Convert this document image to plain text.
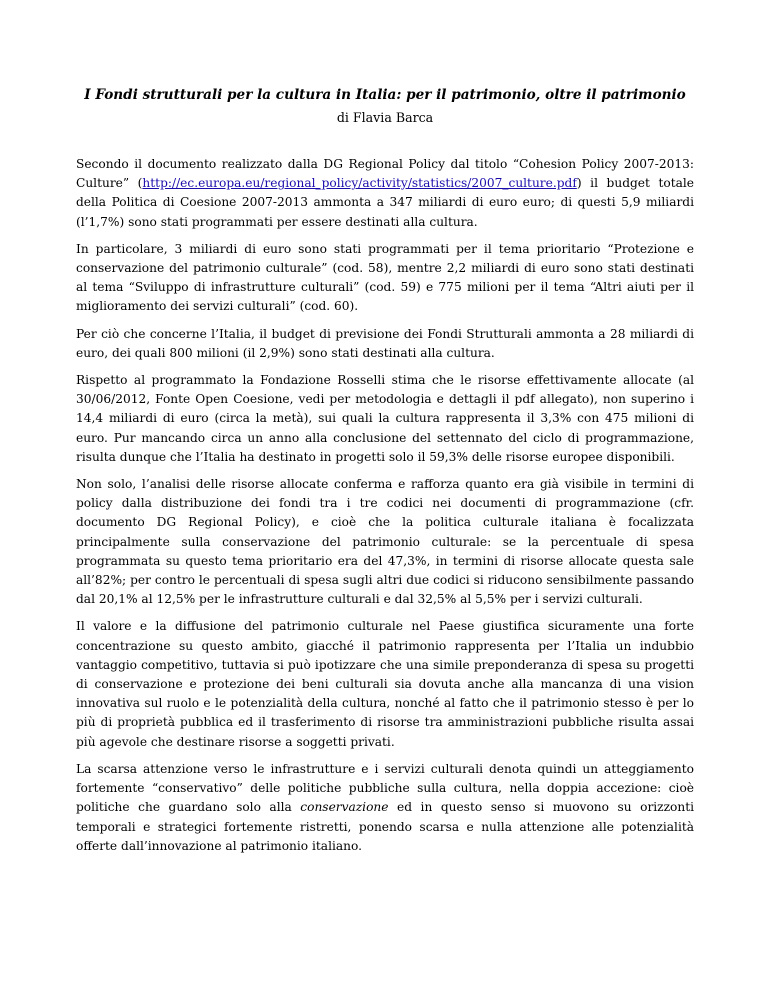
I Fondi strutturali per la cultura in Italia: per il patrimonio, oltre il patrimonio

di Flavia Barca

Secondo il documento realizzato dalla DG Regional Policy dal titolo “Cohesion Policy 2007-2013: Culture” (http://ec.europa.eu/regional_policy/activity/statistics/2007_culture.pdf) il budget totale della Politica di Coesione 2007-2013 ammonta a 347 miliardi di euro euro; di questi 5,9 miliardi (l’1,7%) sono stati programmati per essere destinati alla cultura.

In particolare, 3 miliardi di euro sono stati programmati per il tema prioritario “Protezione e conservazione del patrimonio culturale” (cod. 58), mentre 2,2 miliardi di euro sono stati destinati al tema “Sviluppo di infrastrutture culturali” (cod. 59) e 775 milioni per il tema “Altri aiuti per il miglioramento dei servizi culturali” (cod. 60).

Per ciò che concerne l’Italia, il budget di previsione dei Fondi Strutturali ammonta a 28 miliardi di euro, dei quali 800 milioni (il 2,9%) sono stati destinati alla cultura.

Rispetto al programmato la Fondazione Rosselli stima che le risorse effettivamente allocate (al 30/06/2012, Fonte Open Coesione, vedi per metodologia e dettagli il pdf allegato), non superino i 14,4 miliardi di euro (circa la metà), sui quali la cultura rappresenta il 3,3% con 475 milioni di euro. Pur mancando circa un anno alla conclusione del settennato del ciclo di programmazione, risulta dunque che l’Italia ha destinato in progetti solo il 59,3% delle risorse europee disponibili.

Non solo, l’analisi delle risorse allocate conferma e rafforza quanto era già visibile in termini di policy dalla distribuzione dei fondi tra i tre codici nei documenti di programmazione (cfr. documento DG Regional Policy), e cioè che la politica culturale italiana è focalizzata principalmente sulla conservazione del patrimonio culturale: se la percentuale di spesa programmata su questo tema prioritario era del 47,3%, in termini di risorse allocate questa sale all’82%; per contro le percentuali di spesa sugli altri due codici si riducono sensibilmente passando dal 20,1% al 12,5% per le infrastrutture culturali e dal 32,5% al 5,5% per i servizi culturali.

Il valore e la diffusione del patrimonio culturale nel Paese giustifica sicuramente una forte concentrazione su questo ambito, giacché il patrimonio rappresenta per l’Italia un indubbio vantaggio competitivo, tuttavia si può ipotizzare che una simile preponderanza di spesa su progetti di conservazione e protezione dei beni culturali sia dovuta anche alla mancanza di una vision innovativa sul ruolo e le potenzialità della cultura, nonché al fatto che il patrimonio stesso è per lo più di proprietà pubblica ed il trasferimento di risorse tra amministrazioni pubbliche risulta assai più agevole che destinare risorse a soggetti privati.

La scarsa attenzione verso le infrastrutture e i servizi culturali denota quindi un atteggiamento fortemente “conservativo” delle politiche pubbliche sulla cultura, nella doppia accezione: cioè politiche che guardano solo alla conservazione ed in questo senso si muovono su orizzonti temporali e strategici fortemente ristretti, ponendo scarsa e nulla attenzione alle potenzialità offerte dall’innovazione al patrimonio italiano.
